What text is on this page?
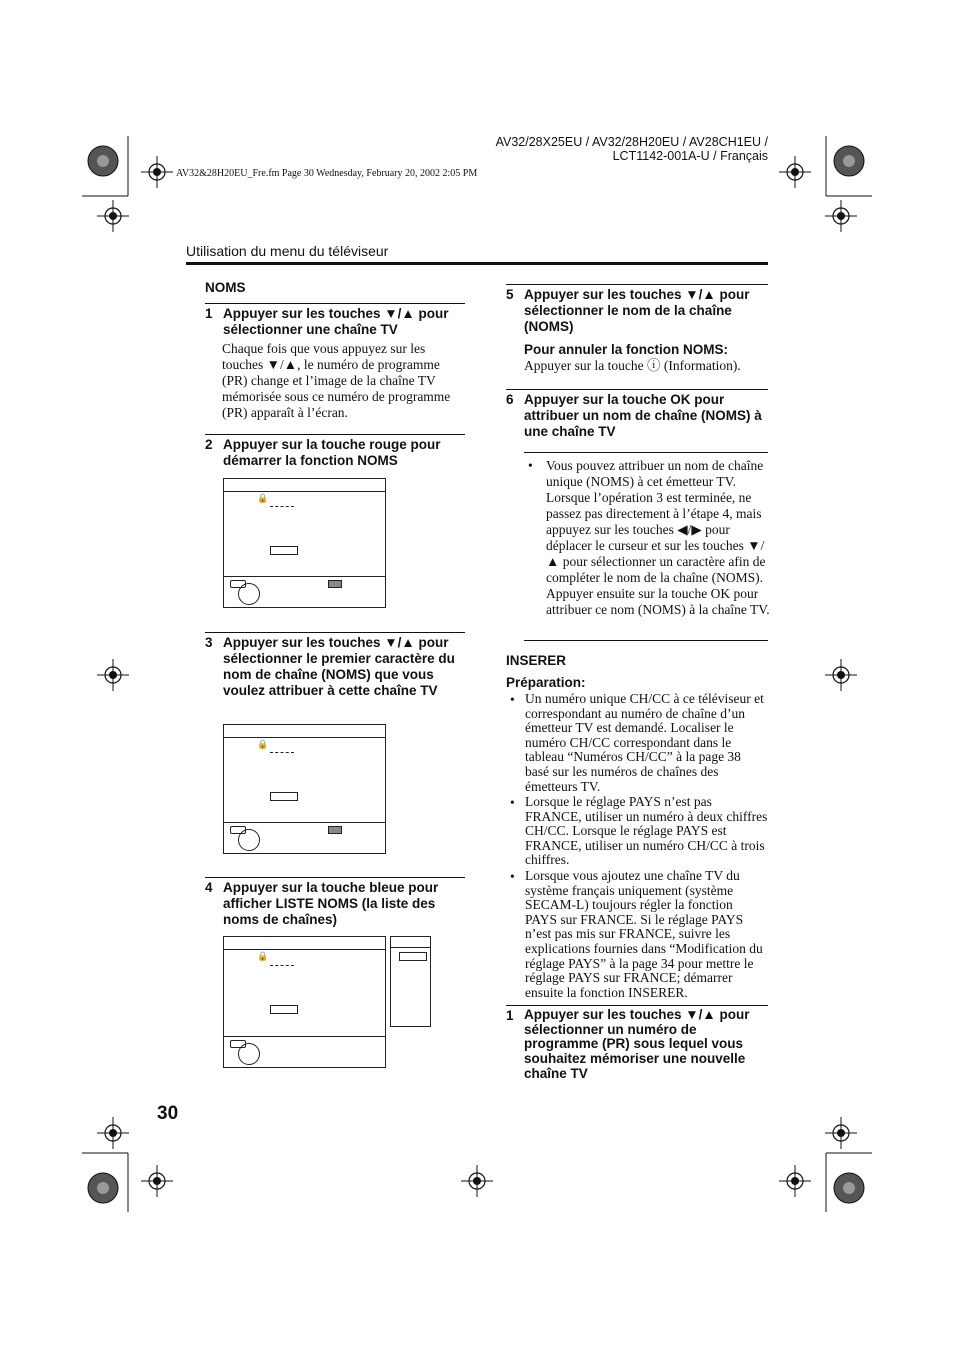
AV32/28X25EU / AV32/28H20EU / AV28CH1EU / LCT1142-001A-U / Français
AV32&28H20EU_Fre.fm Page 30 Wednesday, February 20, 2002 2:05 PM
Utilisation du menu du téléviseur
NOMS
1 Appuyer sur les touches ▼/▲ pour sélectionner une chaîne TV
Chaque fois que vous appuyez sur les touches ▼/▲, le numéro de programme (PR) change et l’image de la chaîne TV mémorisée sous ce numéro de programme (PR) apparaît à l’écran.
2 Appuyer sur la touche rouge pour démarrer la fonction NOMS
🔒
3 Appuyer sur les touches ▼/▲ pour sélectionner le premier caractère du nom de chaîne (NOMS) que vous voulez attribuer à cette chaîne TV
🔒
4 Appuyer sur la touche bleue pour afficher LISTE NOMS (la liste des noms de chaînes)
🔒
5 Appuyer sur les touches ▼/▲ pour sélectionner le nom de la chaîne (NOMS)
Pour annuler la fonction NOMS:
Appuyer sur la touche ⓘ (Information).
6 Appuyer sur la touche OK pour attribuer un nom de chaîne (NOMS) à une chaîne TV
• Vous pouvez attribuer un nom de chaîne unique (NOMS) à cet émetteur TV. Lorsque l’opération 3 est terminée, ne passez pas directement à l’étape 4, mais appuyez sur les touches ◀/▶ pour déplacer le curseur et sur les touches ▼/▲ pour sélectionner un caractère afin de compléter le nom de la chaîne (NOMS). Appuyer ensuite sur la touche OK pour attribuer ce nom (NOMS) à la chaîne TV.
INSERER
Préparation:
• Un numéro unique CH/CC à ce téléviseur et correspondant au numéro de chaîne d’un émetteur TV est demandé. Localiser le numéro CH/CC correspondant dans le tableau “Numéros CH/CC” à la page 38 basé sur les numéros de chaînes des émetteurs TV.
• Lorsque le réglage PAYS n’est pas FRANCE, utiliser un numéro à deux chiffres CH/CC. Lorsque le réglage PAYS est FRANCE, utiliser un numéro CH/CC à trois chiffres.
• Lorsque vous ajoutez une chaîne TV du système français uniquement (système SECAM-L) toujours régler la fonction PAYS sur FRANCE. Si le réglage PAYS n’est pas mis sur FRANCE, suivre les explications fournies dans “Modification du réglage PAYS” à la page 34 pour mettre le réglage PAYS sur FRANCE; démarrer ensuite la fonction INSERER.
1 Appuyer sur les touches ▼/▲ pour sélectionner un numéro de programme (PR) sous lequel vous souhaitez mémoriser une nouvelle chaîne TV
30
